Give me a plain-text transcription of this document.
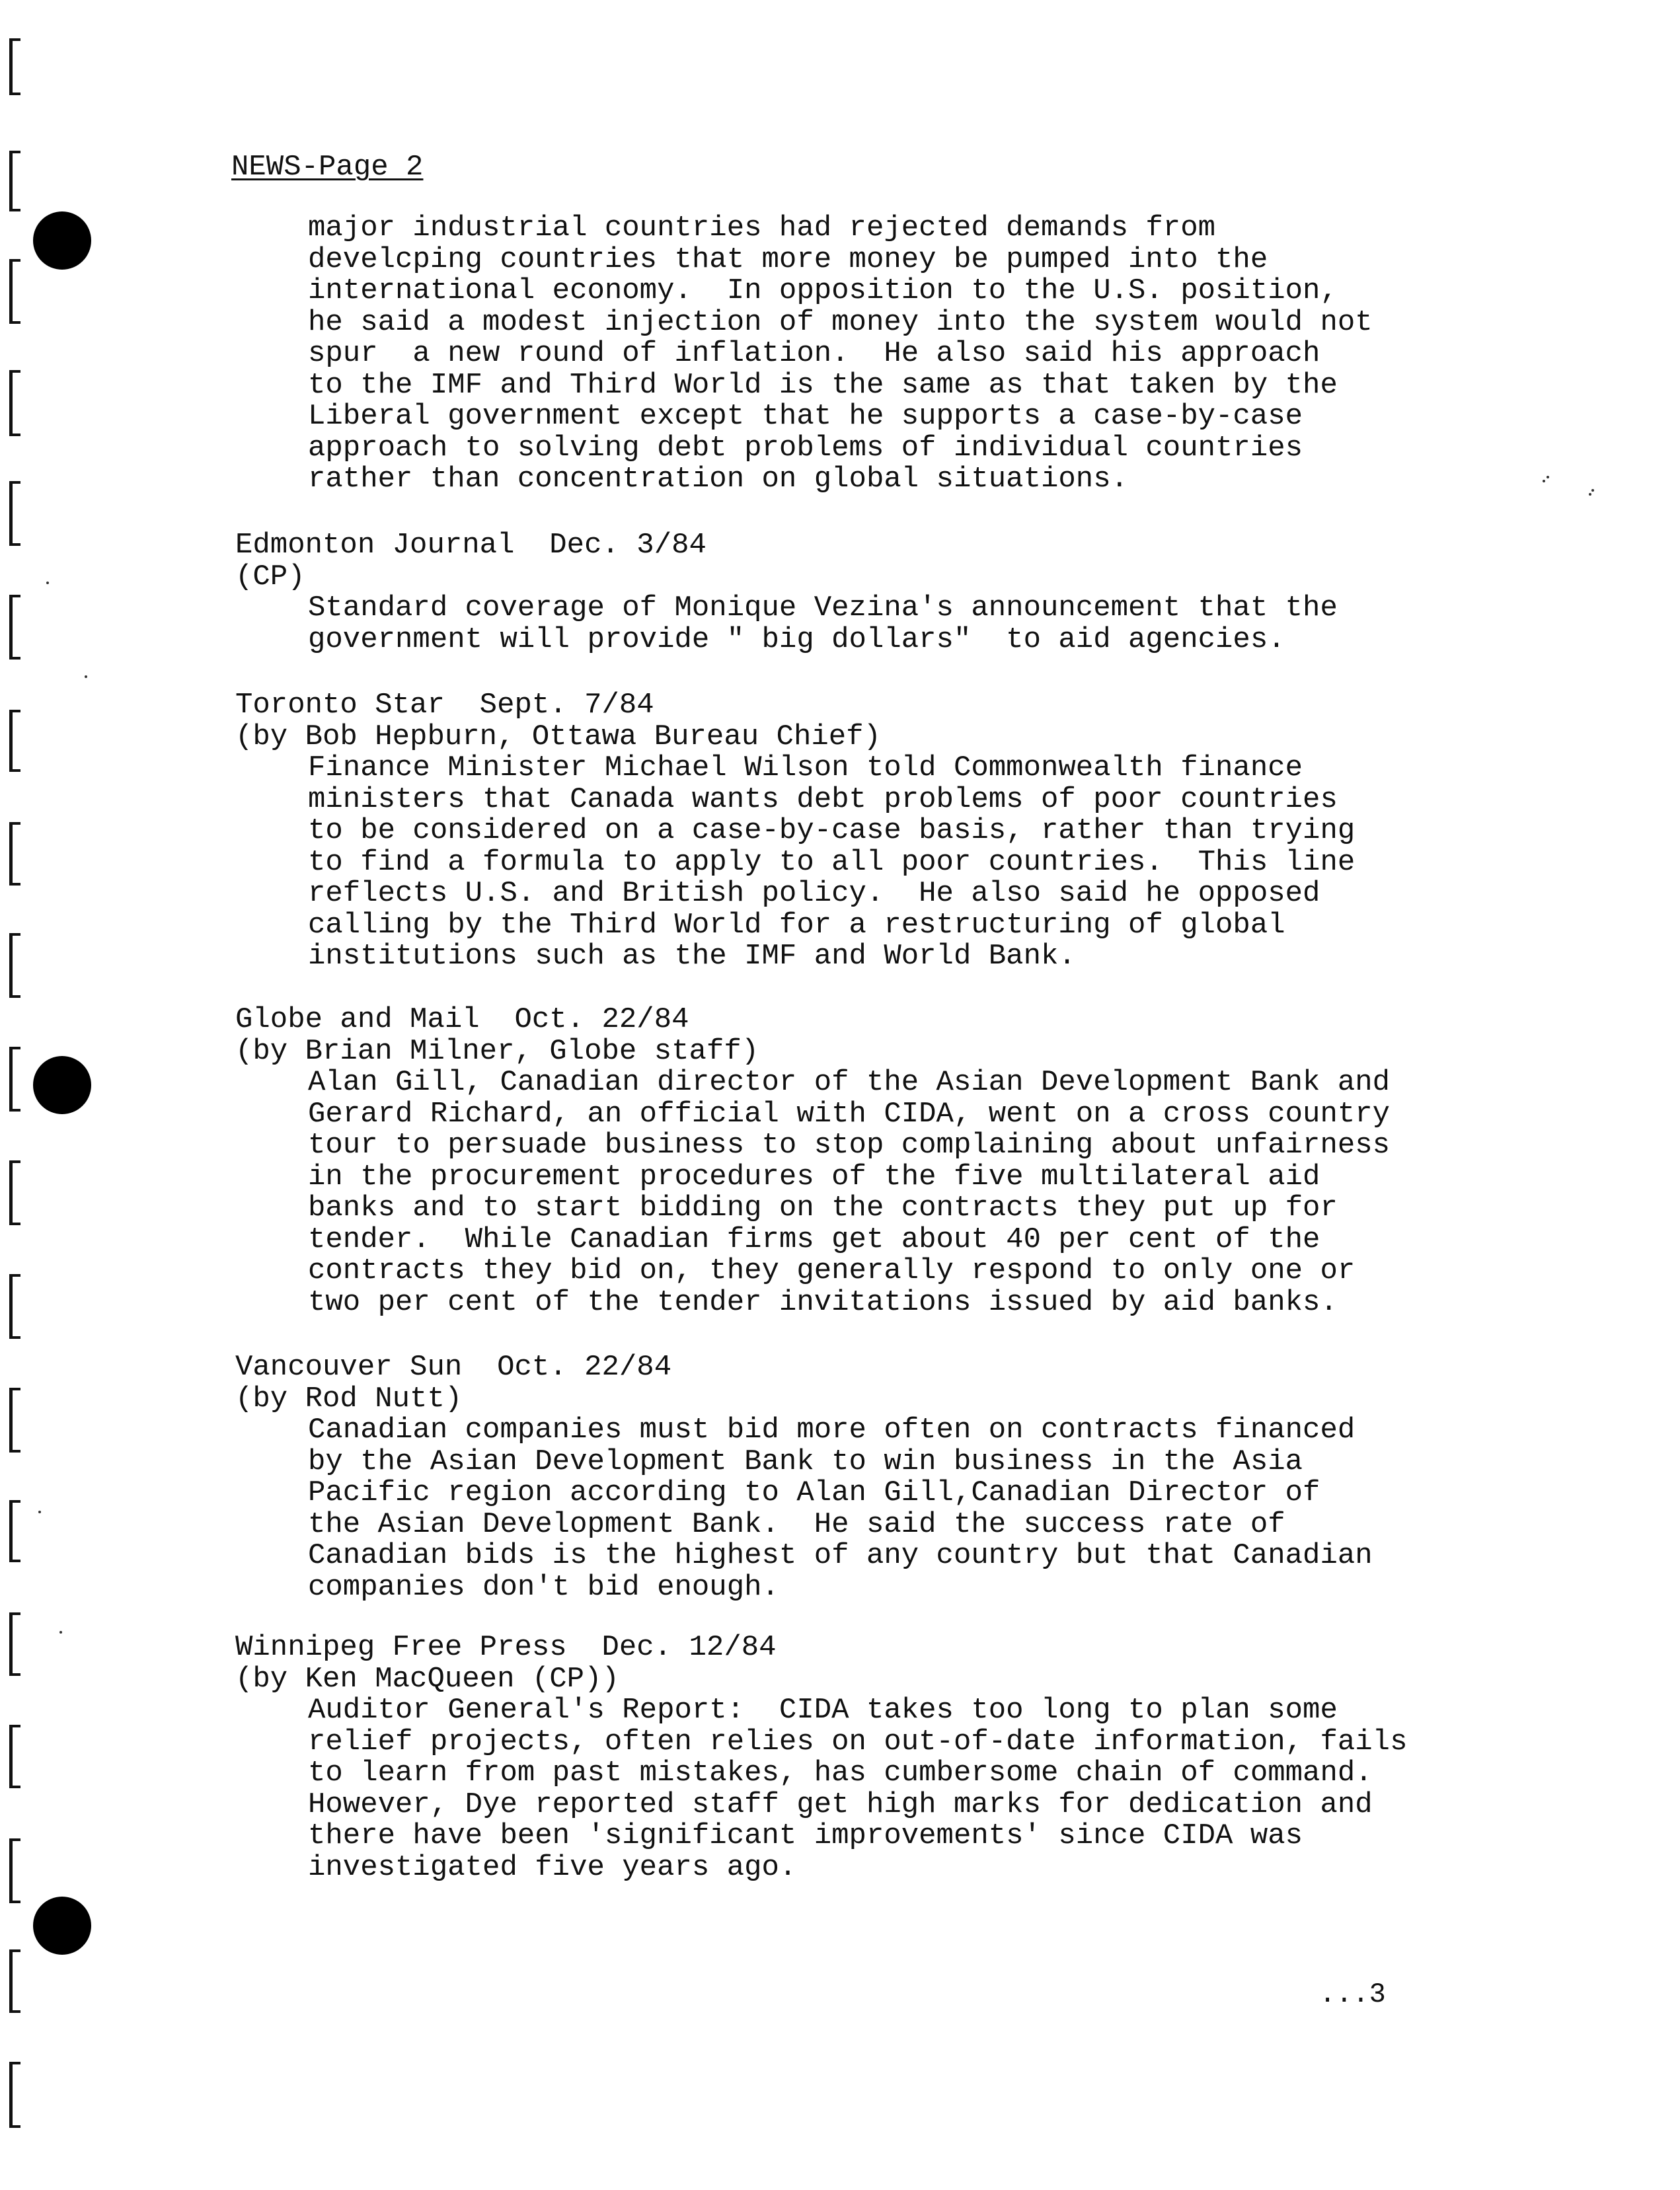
NEWS-Page 2
major industrial countries had rejected demands from
develcping countries that more money be pumped into the
international economy.  In opposition to the U.S. position,
he said a modest injection of money into the system would not
spur  a new round of inflation.  He also said his approach
to the IMF and Third World is the same as that taken by the
Liberal government except that he supports a case-by-case
approach to solving debt problems of individual countries
rather than concentration on global situations.
Edmonton Journal  Dec. 3/84
(CP)
Standard coverage of Monique Vezina's announcement that the
government will provide " big dollars"  to aid agencies.
Toronto Star  Sept. 7/84
(by Bob Hepburn, Ottawa Bureau Chief)
Finance Minister Michael Wilson told Commonwealth finance
ministers that Canada wants debt problems of poor countries
to be considered on a case-by-case basis, rather than trying
to find a formula to apply to all poor countries.  This line
reflects U.S. and British policy.  He also said he opposed
calling by the Third World for a restructuring of global
institutions such as the IMF and World Bank.
Globe and Mail  Oct. 22/84
(by Brian Milner, Globe staff)
Alan Gill, Canadian director of the Asian Development Bank and
Gerard Richard, an official with CIDA, went on a cross country
tour to persuade business to stop complaining about unfairness
in the procurement procedures of the five multilateral aid
banks and to start bidding on the contracts they put up for
tender.  While Canadian firms get about 40 per cent of the
contracts they bid on, they generally respond to only one or
two per cent of the tender invitations issued by aid banks.
Vancouver Sun  Oct. 22/84
(by Rod Nutt)
Canadian companies must bid more often on contracts financed
by the Asian Development Bank to win business in the Asia
Pacific region according to Alan Gill,Canadian Director of
the Asian Development Bank.  He said the success rate of
Canadian bids is the highest of any country but that Canadian
companies don't bid enough.
Winnipeg Free Press  Dec. 12/84
(by Ken MacQueen (CP))
Auditor General's Report:  CIDA takes too long to plan some
relief projects, often relies on out-of-date information, fails
to learn from past mistakes, has cumbersome chain of command.
However, Dye reported staff get high marks for dedication and
there have been 'significant improvements' since CIDA was
investigated five years ago.
...3
